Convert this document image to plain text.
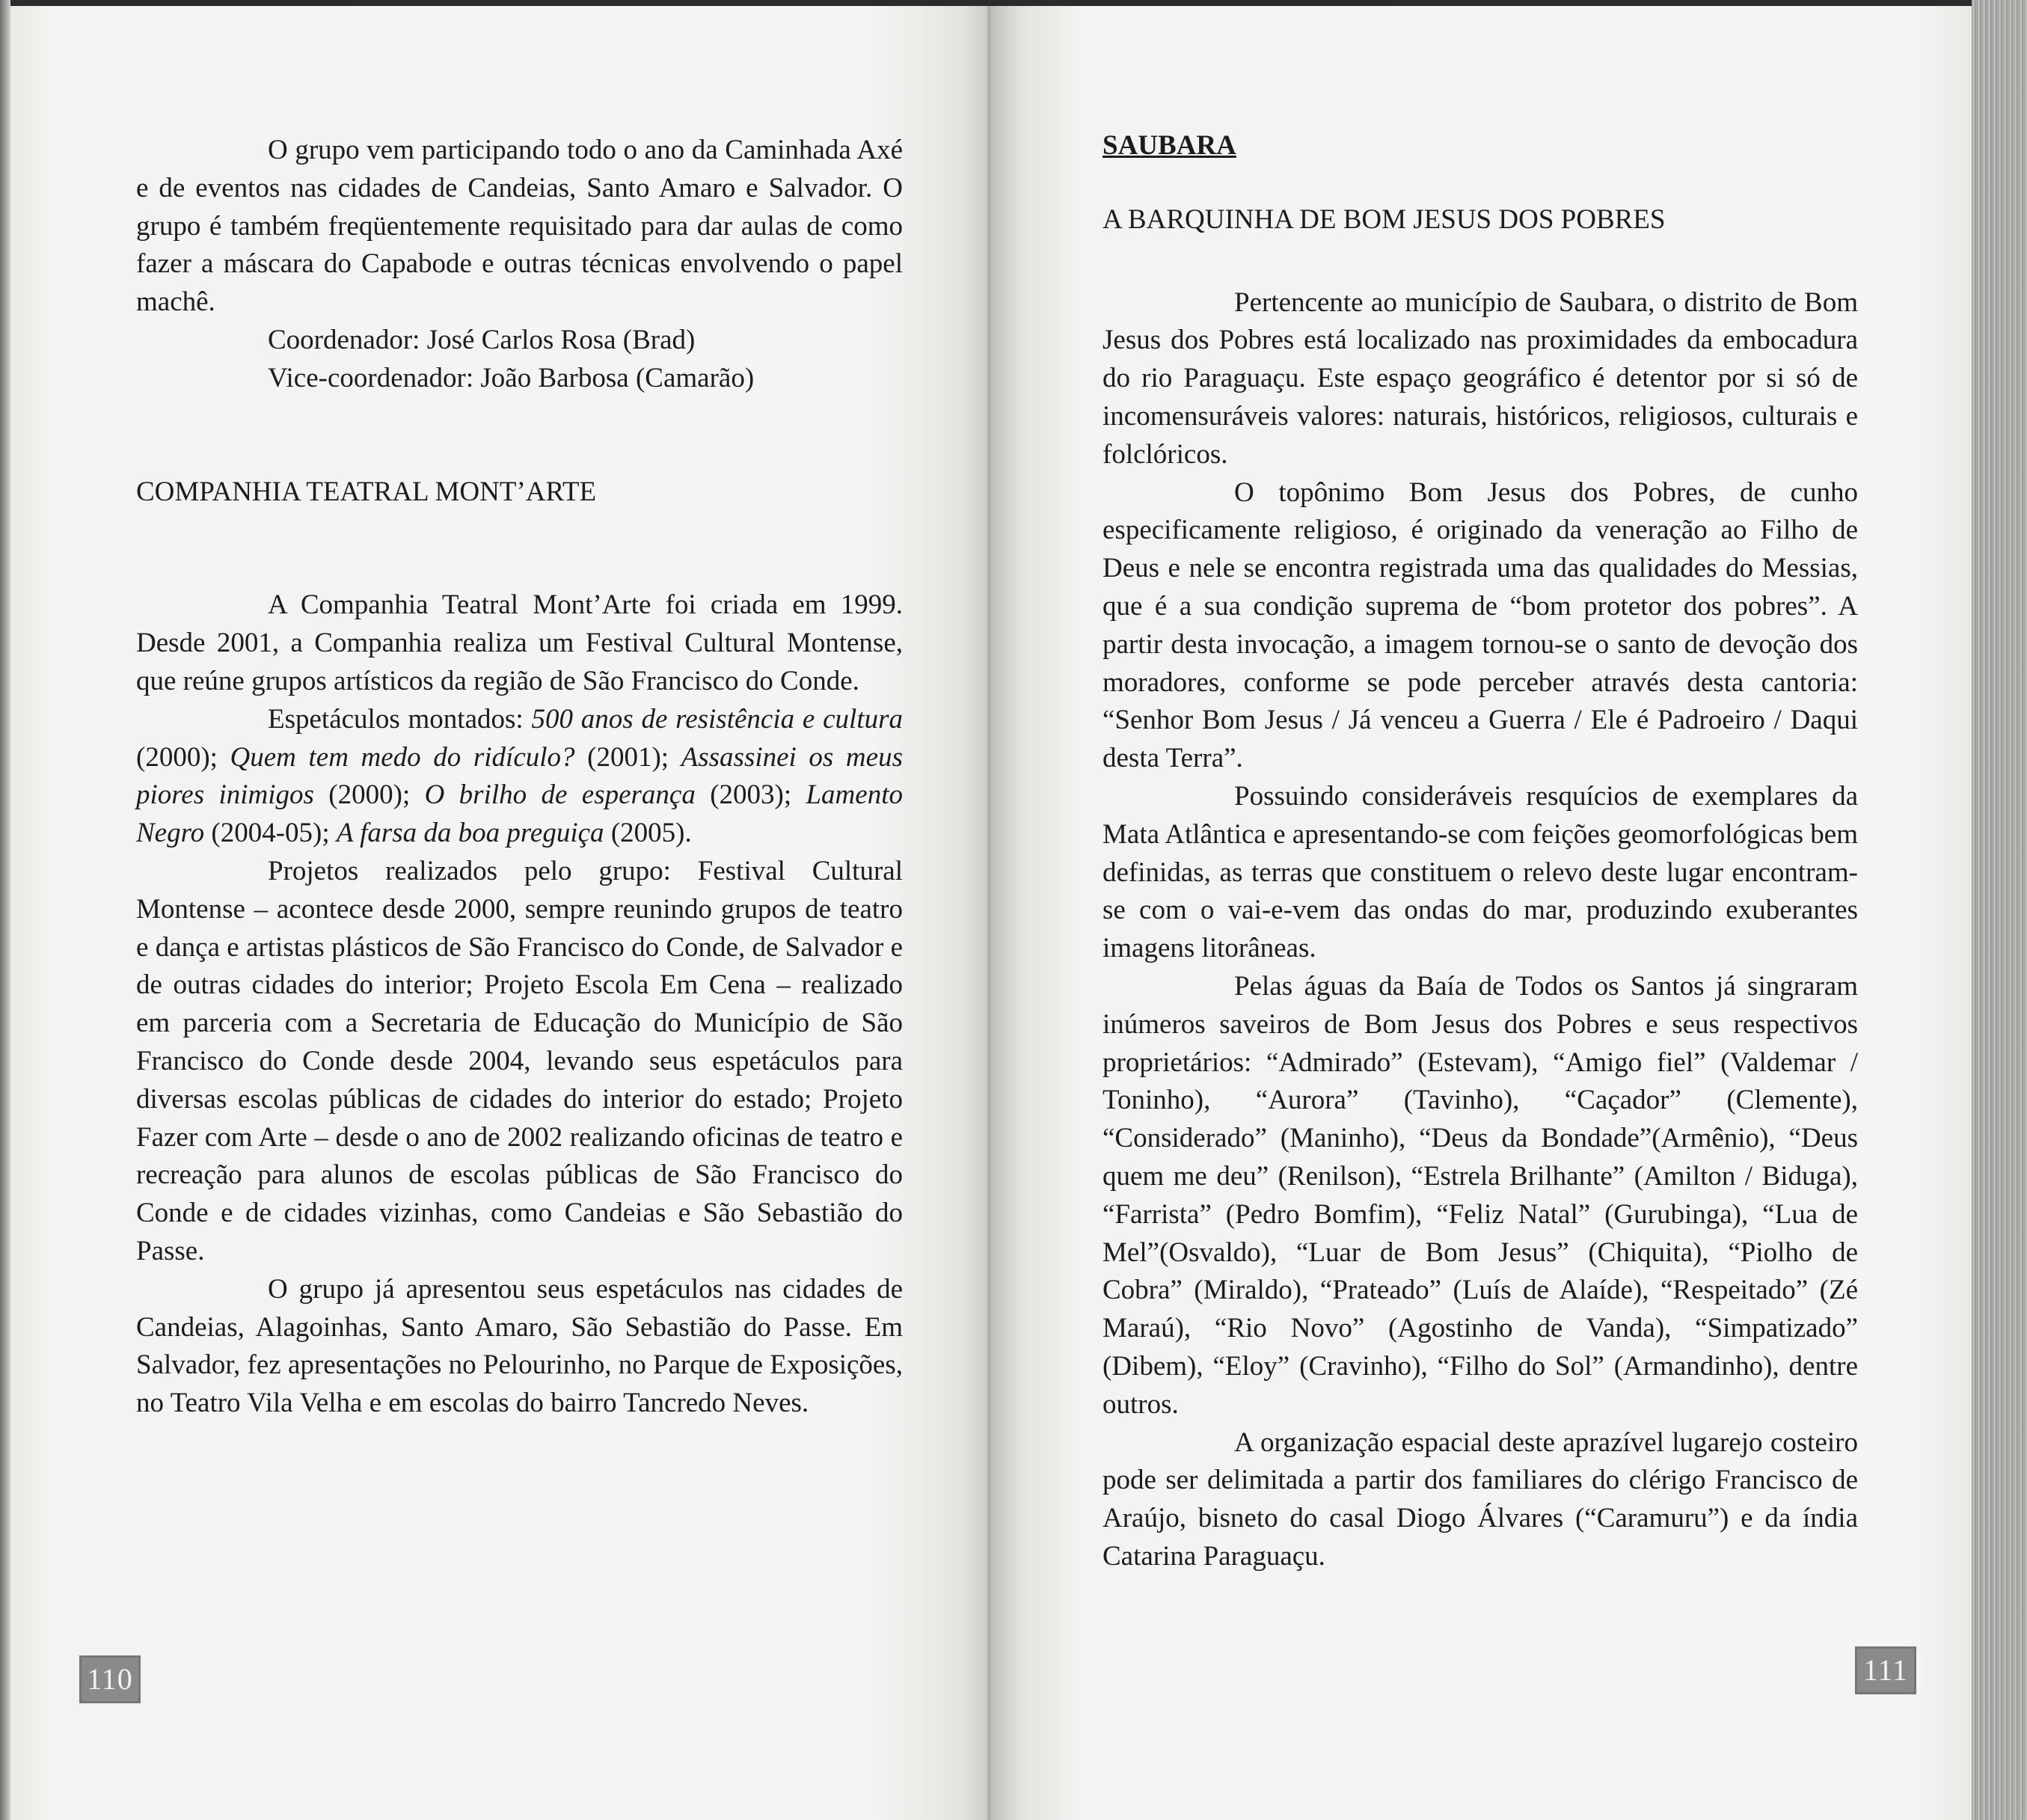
O grupo vem participando todo o ano da Caminhada Axé e de eventos nas cidades de Candeias, Santo Amaro e Salvador. O grupo é também freqüentemente requisitado para dar aulas de como fazer a máscara do Capabode e outras técnicas envolvendo o papel machê.

Coordenador: José Carlos Rosa (Brad)

Vice-coordenador: João Barbosa (Camarão)

COMPANHIA TEATRAL MONT’ARTE

A Companhia Teatral Mont’Arte foi criada em 1999. Desde 2001, a Companhia realiza um Festival Cultural Montense, que reúne grupos artísticos da região de São Francisco do Conde.

Espetáculos montados: 500 anos de resistência e cultura (2000); Quem tem medo do ridículo? (2001); Assassinei os meus piores inimigos (2000); O brilho de esperança (2003); Lamento Negro (2004-05); A farsa da boa preguiça (2005).

Projetos realizados pelo grupo: Festival Cultural Montense – acontece desde 2000, sempre reunindo grupos de teatro e dança e artistas plásticos de São Francisco do Conde, de Salvador e de outras cidades do interior; Projeto Escola Em Cena – realizado em parceria com a Secretaria de Educação do Município de São Francisco do Conde desde 2004, levando seus espetáculos para diversas escolas públicas de cidades do interior do estado; Projeto Fazer com Arte – desde o ano de 2002 realizando oficinas de teatro e recreação para alunos de escolas públicas de São Francisco do Conde e de cidades vizinhas, como Candeias e São Sebastião do Passe.

O grupo já apresentou seus espetáculos nas cidades de Candeias, Alagoinhas, Santo Amaro, São Sebastião do Passe. Em Salvador, fez apresentações no Pelourinho, no Parque de Exposições, no Teatro Vila Velha e em escolas do bairro Tancredo Neves.

110
SAUBARA
A BARQUINHA DE BOM JESUS DOS POBRES

Pertencente ao município de Saubara, o distrito de Bom Jesus dos Pobres está localizado nas proximidades da embocadura do rio Paraguaçu. Este espaço geográfico é detentor por si só de incomensuráveis valores: naturais, históricos, religiosos, culturais e folclóricos.

O topônimo Bom Jesus dos Pobres, de cunho especificamente religioso, é originado da veneração ao Filho de Deus e nele se encontra registrada uma das qualidades do Messias, que é a sua condição suprema de “bom protetor dos pobres”. A partir desta invocação, a imagem tornou-se o santo de devoção dos moradores, conforme se pode perceber através desta cantoria: “Senhor Bom Jesus / Já venceu a Guerra / Ele é Padroeiro / Daqui desta Terra”.

Possuindo consideráveis resquícios de exemplares da Mata Atlântica e apresentando-se com feições geomorfológicas bem definidas, as terras que constituem o relevo deste lugar encontram-se com o vai-e-vem das ondas do mar, produzindo exuberantes imagens litorâneas.

Pelas águas da Baía de Todos os Santos já singraram inúmeros saveiros de Bom Jesus dos Pobres e seus respectivos proprietários: “Admirado” (Estevam), “Amigo fiel” (Valdemar / Toninho), “Aurora” (Tavinho), “Caçador” (Clemente), “Considerado” (Maninho), “Deus da Bondade”(Armênio), “Deus quem me deu” (Renilson), “Estrela Brilhante” (Amilton / Biduga), “Farrista” (Pedro Bomfim), “Feliz Natal” (Gurubinga), “Lua de Mel”(Osvaldo), “Luar de Bom Jesus” (Chiquita), “Piolho de Cobra” (Miraldo), “Prateado” (Luís de Alaíde), “Respeitado” (Zé Maraú), “Rio Novo” (Agostinho de Vanda), “Simpatizado” (Dibem), “Eloy” (Cravinho), “Filho do Sol” (Armandinho), dentre outros.

A organização espacial deste aprazível lugarejo costeiro pode ser delimitada a partir dos familiares do clérigo Francisco de Araújo, bisneto do casal Diogo Álvares (“Caramuru”) e da índia Catarina Paraguaçu.

111
